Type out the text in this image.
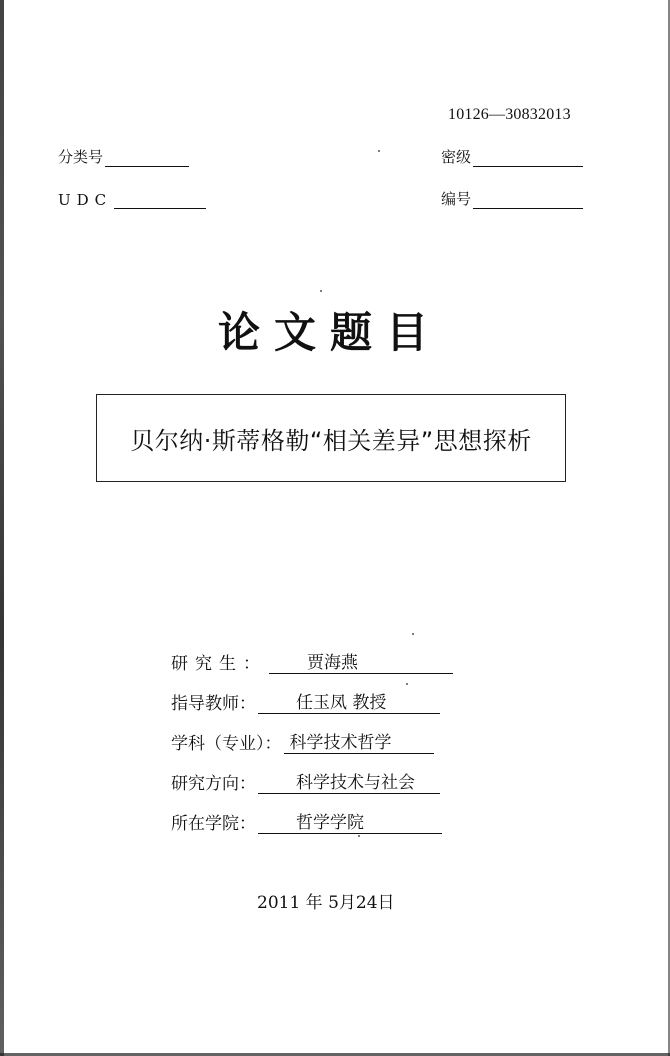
10126—30832013
分类号
UDC
密级
编号
论文题目
贝尔纳·斯蒂格勒“相关差异”思想探析
研究生： 贾海燕
指导教师： 任玉凤 教授
学科（专业）： 科学技术哲学
研究方向： 科学技术与社会
所在学院： 哲学学院
2011 年 5月24日
